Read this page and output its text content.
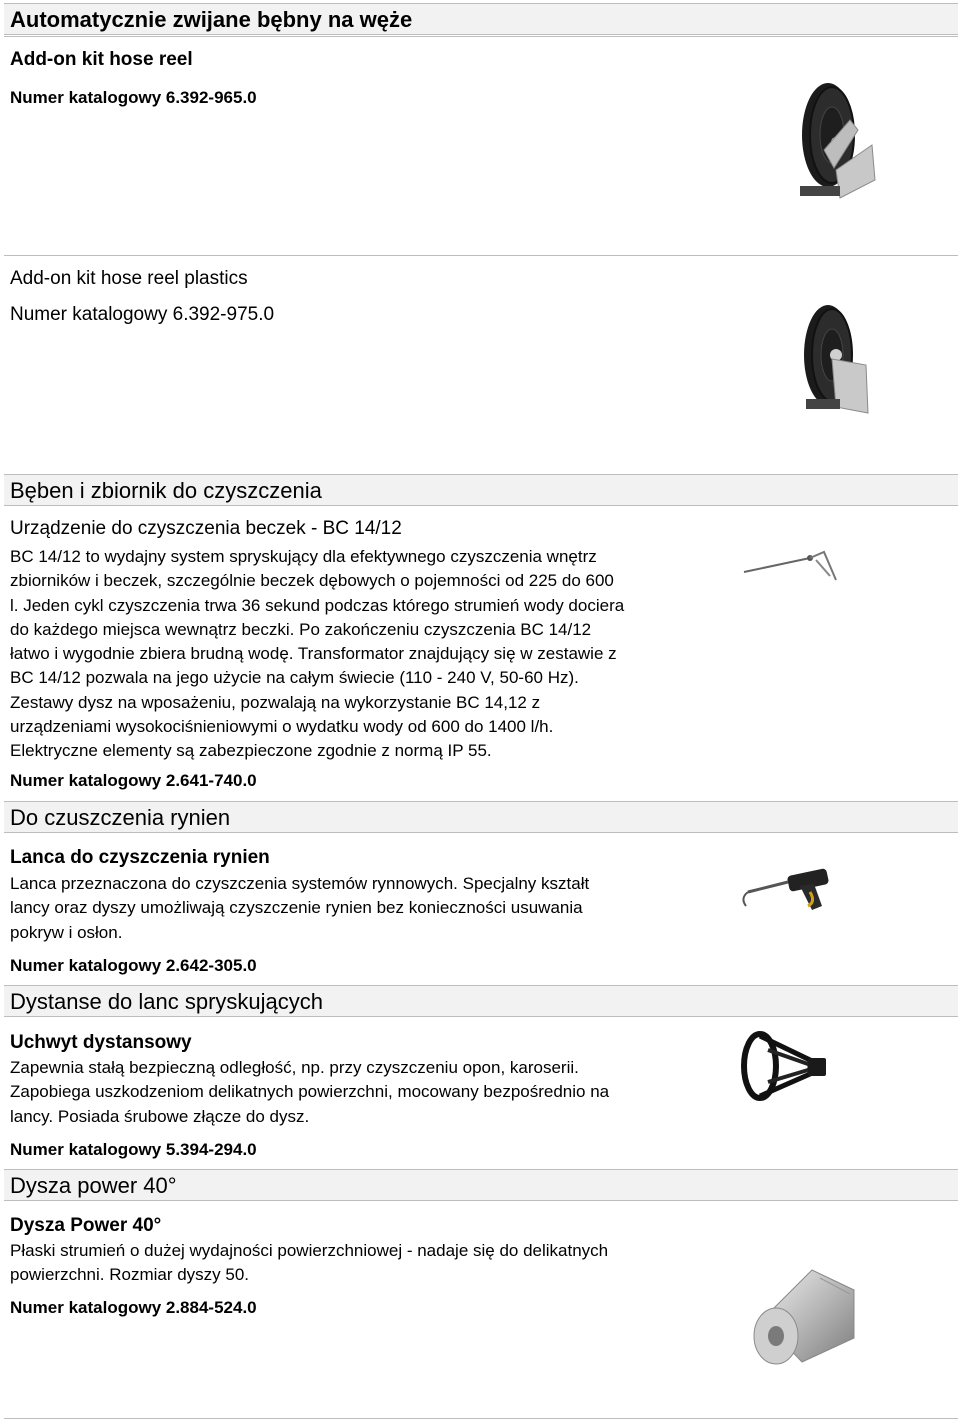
Automatycznie zwijane bębny na węże
Add-on kit hose reel
Numer katalogowy 6.392-965.0
Add-on kit hose reel plastics
Numer katalogowy 6.392-975.0
Bęben i zbiornik do czyszczenia
Urządzenie do czyszczenia beczek - BC 14/12

BC 14/12 to wydajny system spryskujący dla efektywnego czyszczenia wnętrz

zbiorników i beczek, szczególnie beczek dębowych o pojemności od 225 do 600

l. Jeden cykl czyszczenia trwa 36 sekund podczas którego strumień wody dociera

do każdego miejsca wewnątrz beczki. Po zakończeniu czyszczenia BC 14/12

łatwo i wygodnie zbiera brudną wodę. Transformator znajdujący się w zestawie z

BC 14/12 pozwala na jego użycie na całym świecie (110 - 240 V, 50-60 Hz).

Zestawy dysz na wposażeniu, pozwalają na wykorzystanie BC 14,12 z

urządzeniami wysokociśnieniowymi o wydatku wody od 600 do 1400 l/h.

Elektryczne elementy są zabezpieczone zgodnie z normą IP 55.

Numer katalogowy 2.641-740.0
Do czuszczenia rynien
Lanca do czyszczenia rynien

Lanca przeznaczona do czyszczenia systemów rynnowych. Specjalny kształt

lancy oraz dyszy umożliwają czyszczenie rynien bez konieczności usuwania

pokryw i osłon.

Numer katalogowy 2.642-305.0
Dystanse do lanc spryskujących
Uchwyt dystansowy

Zapewnia stałą bezpieczną odległość, np. przy czyszczeniu opon, karoserii.

Zapobiega uszkodzeniom delikatnych powierzchni, mocowany bezpośrednio na

lancy. Posiada śrubowe złącze do dysz.

Numer katalogowy 5.394-294.0
Dysza power 40°
Dysza Power 40°

Płaski strumień o dużej wydajności powierzchniowej - nadaje się do delikatnych

powierzchni. Rozmiar dyszy 50.

Numer katalogowy 2.884-524.0
